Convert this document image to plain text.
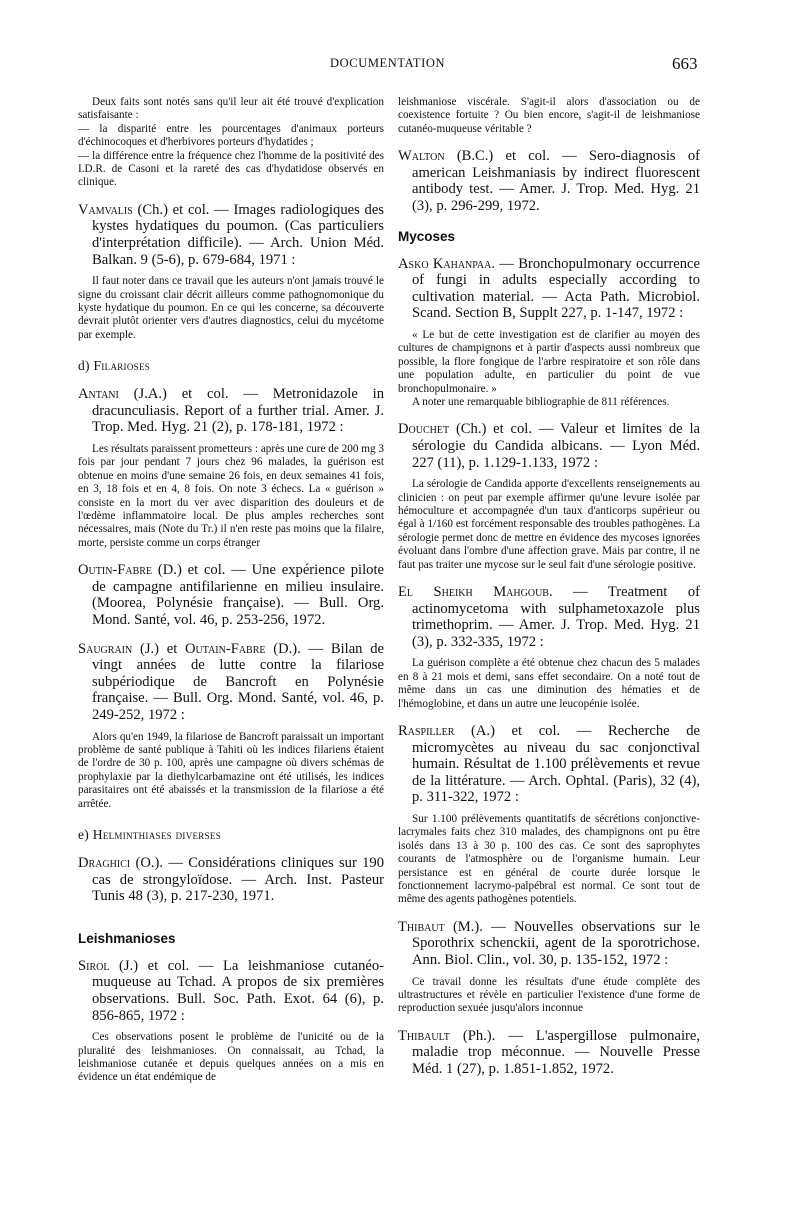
DOCUMENTATION	663

Deux faits sont notés sans qu'il leur ait été trouvé d'explication satisfaisante :

— la disparité entre les pourcentages d'animaux porteurs d'échinocoques et d'herbivores porteurs d'hydatides ;

— la différence entre la fréquence chez l'homme de la positivité des I.D.R. de Casoni et la rareté des cas d'hydatidose observés en clinique.

Vamvalis (Ch.) et col. — Images radiologiques des kystes hydatiques du poumon. (Cas particuliers d'interprétation difficile). — Arch. Union Méd. Balkan. 9 (5-6), p. 679-684, 1971 :

Il faut noter dans ce travail que les auteurs n'ont jamais trouvé le signe du croissant clair décrit ailleurs comme pathognomonique du kyste hydatique du poumon. En ce qui les concerne, sa découverte devrait plutôt orienter vers d'autres diagnostics, celui du mycétome par exemple.

d) Filarioses

Antani (J.A.) et col. — Metronidazole in dracunculiasis. Report of a further trial. Amer. J. Trop. Med. Hyg. 21 (2), p. 178-181, 1972 :

Les résultats paraissent prometteurs : après une cure de 200 mg 3 fois par jour pendant 7 jours chez 96 malades, la guérison est obtenue en moins d'une semaine 26 fois, en deux semaines 41 fois, en 3, 18 fois et en 4, 8 fois. On note 3 échecs. La « guérison » consiste en la mort du ver avec disparition des douleurs et de l'œdème inflammatoire local. De plus amples recherches sont nécessaires, mais (Note du Tr.) il n'en reste pas moins que la filaire, morte, persiste comme un corps étranger

Outin-Fabre (D.) et col. — Une expérience pilote de campagne antifilarienne en milieu insulaire. (Moorea, Polynésie française). — Bull. Org. Mond. Santé, vol. 46, p. 253-256, 1972.

Saugrain (J.) et Outain-Fabre (D.). — Bilan de vingt années de lutte contre la filariose subpériodique de Bancroft en Polynésie française. — Bull. Org. Mond. Santé, vol. 46, p. 249-252, 1972 :

Alors qu'en 1949, la filariose de Bancroft paraissait un important problème de santé publique à Tahiti où les indices filariens étaient de l'ordre de 30 p. 100, après une campagne où divers schémas de prophylaxie par la diethylcarbamazine ont été utilisés, les indices parasitaires ont été abaissés et la transmission de la filariose a été arrêtée.

e) Helminthiases diverses

Draghici (O.). — Considérations cliniques sur 190 cas de strongyloïdose. — Arch. Inst. Pasteur Tunis 48 (3), p. 217-230, 1971.

Leishmanioses

Sirol (J.) et col. — La leishmaniose cutanéo-muqueuse au Tchad. A propos de six premières observations. Bull. Soc. Path. Exot. 64 (6), p. 856-865, 1972 :

Ces observations posent le problème de l'unicité ou de la pluralité des leishmanioses. On connaissait, au Tchad, la leishmaniose cutanée et depuis quelques années on a mis en évidence un état endémique de

leishmaniose viscérale. S'agit-il alors d'association ou de coexistence fortuite ? Ou bien encore, s'agit-il de leishmaniose cutanéo-muqueuse véritable ?

Walton (B.C.) et col. — Sero-diagnosis of american Leishmaniasis by indirect fluorescent antibody test. — Amer. J. Trop. Med. Hyg. 21 (3), p. 296-299, 1972.

Mycoses

Asko Kahanpaa. — Bronchopulmonary occurrence of fungi in adults especially according to cultivation material. — Acta Path. Microbiol. Scand. Section B, Supplt 227, p. 1-147, 1972 :

« Le but de cette investigation est de clarifier au moyen des cultures de champignons et à partir d'aspects aussi nombreux que possible, la flore fongique de l'arbre respiratoire et son rôle dans une population adulte, en particulier du point de vue bronchopulmonaire. »

A noter une remarquable bibliographie de 811 références.

Douchet (Ch.) et col. — Valeur et limites de la sérologie du Candida albicans. — Lyon Méd. 227 (11), p. 1.129-1.133, 1972 :

La sérologie de Candida apporte d'excellents renseignements au clinicien : on peut par exemple affirmer qu'une levure isolée par hémoculture et accompagnée d'un taux d'anticorps supérieur ou égal à 1/160 est forcément responsable des troubles pathogènes. La sérologie permet donc de mettre en évidence des mycoses ignorées évoluant dans l'ombre d'une affection grave. Mais par contre, il ne faut pas traiter une mycose sur le seul fait d'une sérologie positive.

El Sheikh Mahgoub. — Treatment of actinomycetoma with sulphametoxazole plus trimethoprim. — Amer. J. Trop. Med. Hyg. 21 (3), p. 332-335, 1972 :

La guérison complète a été obtenue chez chacun des 5 malades en 8 à 21 mois et demi, sans effet secondaire. On a noté tout de même dans un cas une diminution des hématies et de l'hémoglobine, et dans un autre une leucopénie isolée.

Raspiller (A.) et col. — Recherche de micromycètes au niveau du sac conjonctival humain. Résultat de 1.100 prélèvements et revue de la littérature. — Arch. Ophtal. (Paris), 32 (4), p. 311-322, 1972 :

Sur 1.100 prélèvements quantitatifs de sécrétions conjonctive-lacrymales faits chez 310 malades, des champignons ont pu être isolés dans 13 à 30 p. 100 des cas. Ce sont des saprophytes courants de l'atmosphère ou de l'organisme humain. Leur persistance est en général de courte durée lorsque le fonctionnement lacrymo-palpébral est normal. Ce sont tout de même des agents pathogènes potentiels.

Thibaut (M.). — Nouvelles observations sur le Sporothrix schenckii, agent de la sporotrichose. Ann. Biol. Clin., vol. 30, p. 135-152, 1972 :

Ce travail donne les résultats d'une étude complète des ultrastructures et révèle en particulier l'existence d'une forme de reproduction sexuée jusqu'alors inconnue

Thibault (Ph.). — L'aspergillose pulmonaire, maladie trop méconnue. — Nouvelle Presse Méd. 1 (27), p. 1.851-1.852, 1972.
